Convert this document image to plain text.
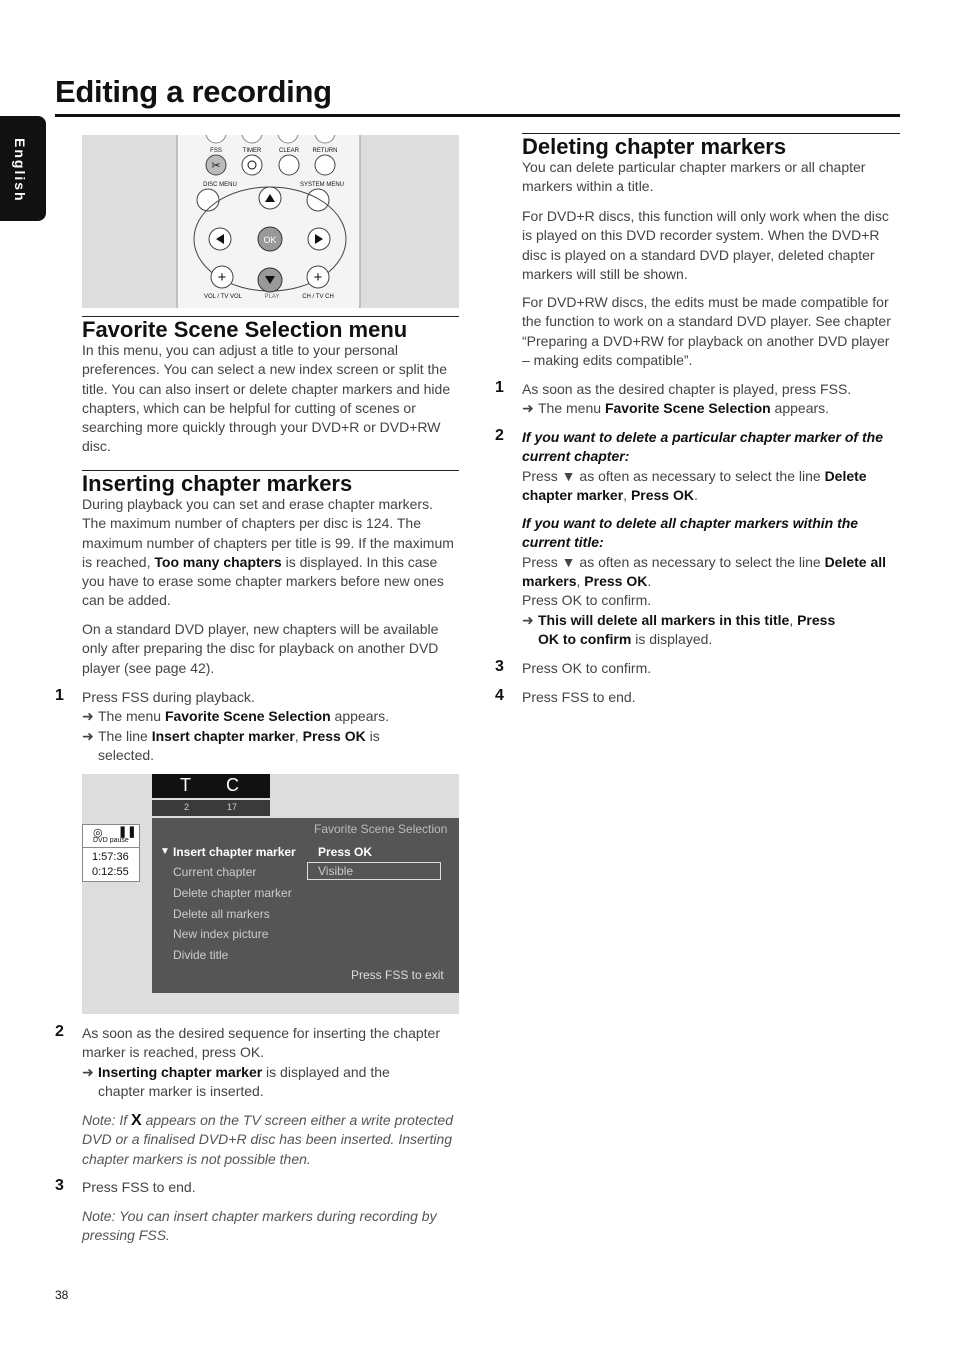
Editing a recording
English	FSS	TIMER	CLEAR RETURN
✂
DISC MENU	SYSTEM MENU
OK
+	+
VOL / TV VOL	PLAY	CH / TV CH
Favorite Scene Selection menu

In this menu, you can adjust a title to your personal preferences. You can select a new index screen or split the title. You can also insert or delete chapter markers and hide chapters, which can be helpful for cutting of scenes or searching more quickly through your DVD+R or DVD+RW disc.

Inserting chapter markers

During playback you can set and erase chapter markers. The maximum number of chapters per disc is 124. The maximum number of chapters per title is 99. If the maximum is reached, Too many chapters is displayed. In this case you have to erase some chapter markers before new ones can be added.

On a standard DVD player, new chapters will be available only after preparing the disc for playback on another DVD player (see page 42).

1 Press FSS during playback.
➜ The menu Favorite Scene Selection appears.
➜ The line Insert chapter marker, Press OK is
selected.
T C
2	17
◎ ❚❚
DVD pause
1:57:36
0:12:55
Favorite Scene Selection
▼ Insert chapter marker
Current chapter
Delete chapter marker
Delete all markers
New index picture
Divide title
Press OK
Visible
Press FSS to exit
2 As soon as the desired sequence for inserting the chapter marker is reached, press OK.
➜ Inserting chapter marker is displayed and the
chapter marker is inserted.
Note: If X appears on the TV screen either a write protected DVD or a finalised DVD+R disc has been inserted. Inserting chapter markers is not possible then.
3 Press FSS to end.
Note: You can insert chapter markers during recording by pressing FSS.
Deleting chapter markers

You can delete particular chapter markers or all chapter markers within a title.

For DVD+R discs, this function will only work when the disc is played on this DVD recorder system. When the DVD+R disc is played on a standard DVD player, deleted chapter markers will still be shown.

For DVD+RW discs, the edits must be made compatible for the function to work on a standard DVD player. See chapter “Preparing a DVD+RW for playback on another DVD player – making edits compatible”.

1 As soon as the desired chapter is played, press FSS.
➜ The menu Favorite Scene Selection appears.
2 If you want to delete a particular chapter marker of the current chapter:
Press ▼ as often as necessary to select the line Delete chapter marker, Press OK.
If you want to delete all chapter markers within the current title:
Press ▼ as often as necessary to select the line Delete all markers, Press OK.
Press OK to confirm.
➜ This will delete all markers in this title, Press
OK to confirm is displayed.
3 Press OK to confirm.
4 Press FSS to end.
38
